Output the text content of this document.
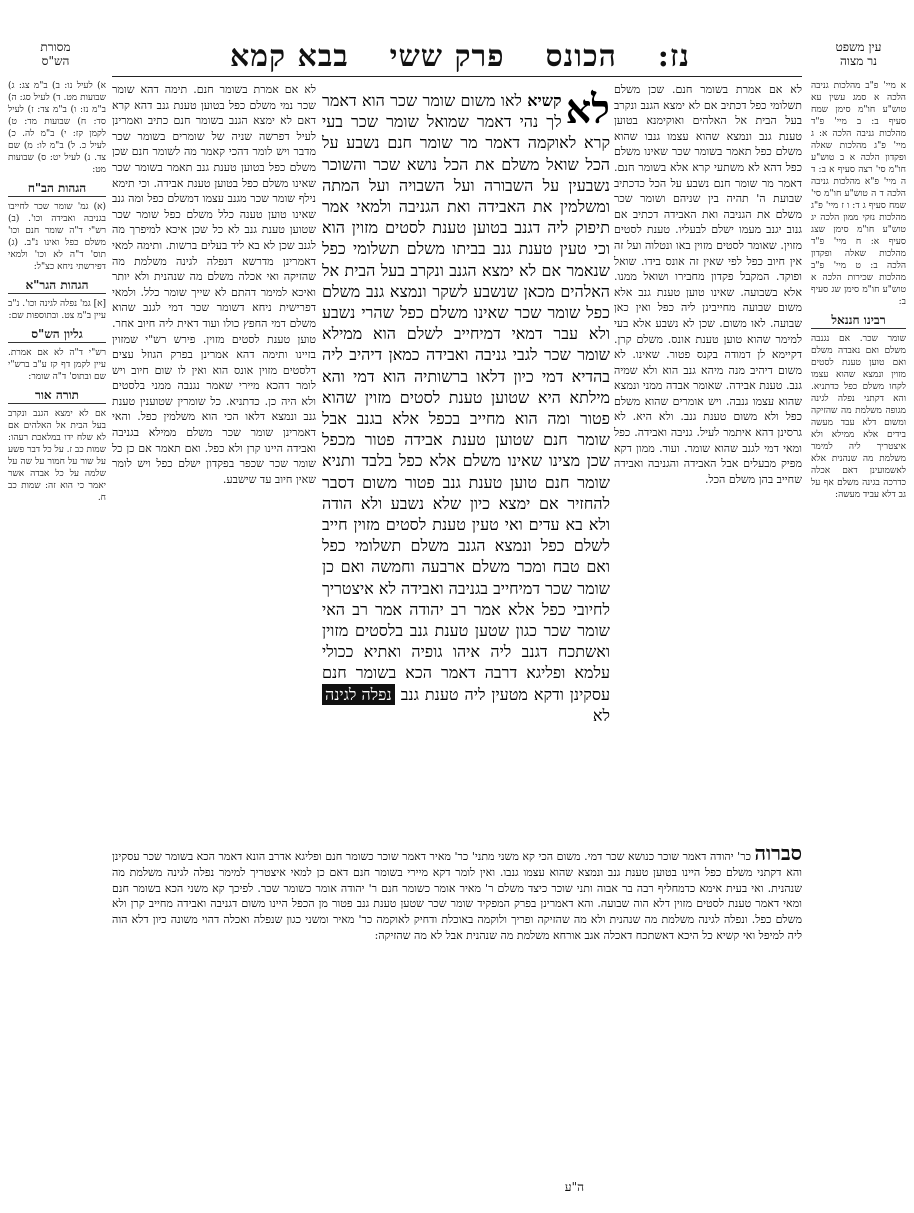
עין משפט
נר מצוה
מסורת
הש"ס	נז:
הכונס
פרק ששי
בבא קמא

א מיי' פ"ב מהלכות גניבה הלכה א סמג עשין עא טוש"ע חו"מ סימן שמח סעיף ב: ב מיי' פ"ד מהלכות גניבה הלכה א: ג מיי' פ"ג מהלכות שאלה ופקדון הלכה א ב טוש"ע חו"מ סי' רצה סעיף א ב: ד ה מיי' פ"א מהלכות גניבה הלכה ד ה טוש"ע חו"מ סי' שמח סעיף ג ד: ו ז מיי' פ"ג מהלכות נזקי ממון הלכה יג טוש"ע חו"מ סימן שצג סעיף א: ח מיי' פ"ד מהלכות שאלה ופקדון הלכה ב: ט מיי' פ"ב מהלכות שכירות הלכה א טוש"ע חו"מ סימן שג סעיף ב:

רבינו חננאל

שומר שכר. אם נגנבה משלם ואם נאבדה משלם ואם טוען טענת לסטים מזוין ונמצא שהוא עצמו לקחו משלם כפל כדתניא. והא דקתני נפלה לגינה מגופה משלמת מה שהזיקה ומשום דלא עבד מעשה בידים אלא ממילא ולא איצטריך ליה למימר משלמת מה שנהנית אלא לאשמועינן דאם אכלה כדרכה בגינה משלם אף על גב דלא עביד מעשה:

א) לעיל נו: ב) ב"מ צג: ג) שבועות מט. ד) לעיל סג: ה) ב"מ נז: ו) ב"מ צד: ז) לעיל סד: ח) שבועות מד: ט) לקמן קז: י) ב"מ לה. כ) לעיל כ. ל) ב"מ לו: מ) שם צד. נ) לעיל יט: ס) שבועות מט:

הגהות הב"ח

(א) גמ' שומר שכר לחייבו בגניבה ואבידה וכו'. (ב) רש"י ד"ה שומר חנם וכו' משלם כפל ואינו נ"ב. (ג) תוס' ד"ה לא וכו' ולמאי דפירשתי ניחא כצ"ל:

הגהות הגר"א

[א] גמ' נפלה לגינה וכו'. נ"ב עיין ב"מ צט. ובתוספות שם:

גליון הש"ס

רש"י ד"ה לא אם אמרת. עיין לקמן דף קז ע"ב ברש"י שם ובתוס' ד"ה שומר:

תורה אור

אם לא ימצא הגנב ונקרב בעל הבית אל האלהים אם לא שלח ידו במלאכת רעהו: שמות כב ז. על כל דבר פשע על שור על חמור על שה על שלמה על כל אבדה אשר יאמר כי הוא זה: שמות כב ח.

לא אם אמרת בשומר חנם. שכן משלם תשלומי כפל דכתיב אם לא ימצא הגנב ונקרב בעל הבית אל האלהים ואוקימנא בטוען טענת גנב ונמצא שהוא עצמו גנבו שהוא משלם כפל תאמר בשומר שכר שאינו משלם כפל דהא לא משתעי קרא אלא בשומר חנם. דאמר מר שומר חנם נשבע על הכל כדכתיב שבועת ה' תהיה בין שניהם ושומר שכר משלם את הגניבה ואת האבידה דכתיב אם גנוב יגנב מעמו ישלם לבעליו. טענת לסטים מזוין. שאומר לסטים מזוין באו ונטלוה ועל זה אין חיוב כפל לפי שאין זה אונס בידו. שואל ופוקד. המקבל פקדון מחבירו ושואל ממנו. אלא בשבועה. שאינו טוען טענת גנב אלא משום שבועה מחייבינן ליה כפל ואין כאן שבועה. לאו משום. שכן לא נשבע אלא בעי למימר שהוא טוען טענת אונס. משלם קרן. דקיימא לן דמודה בקנס פטור. שאינו. לא משום דיהיב מנה מיהא גנב הוא ולא שמיה גנב. טענת אבידה. שאומר אבדה ממני ונמצא שהוא עצמו גנבה. ויש אומרים שהוא משלם כפל ולא משום טענת גנב. ולא היא. לא גרסינן דהא איתמר לעיל. גניבה ואבידה. כפל ומאי דמי לגנב שהוא שומר. ועוד. ממון דקא מפיק מבעלים אבל האבידה והגניבה ואבידה שחייב בהן משלם הכל.

לא אם אמרת בשומר חנם. תימה דהא שומר שכר נמי משלם כפל בטוען טענת גנב דהא קרא דאם לא ימצא הגנב בשומר חנם כתיב ואמרינן לעיל דפרשה שניה של שומרים בשומר שכר מדבר ויש לומר דהכי קאמר מה לשומר חנם שכן משלם כפל בטוען טענת גנב תאמר בשומר שכר שאינו משלם כפל בטוען טענת אבידה. וכי תימא נילף שומר שכר מגנב עצמו דמשלם כפל ומה גנב שאינו טוען טענה כלל משלם כפל שומר שכר שטוען טענת גנב לא כל שכן איכא למיפרך מה לגנב שכן לא בא ליד בעלים ברשות. ותימה למאי דאמרינן מדרשא דנפלה לגינה משלמת מה שהזיקה ואי אכלה משלם מה שנהנית ולא יותר ואיכא למימר דהתם לא שייך שומר כלל. ולמאי דפרישית ניחא דשומר שכר דמי לגנב שהוא משלם דמי החפץ כולו ועוד דאית ליה חיוב אחר. טוען טענת לסטים מזוין. פירש רש"י שמזוין בזיינו ותימה דהא אמרינן בפרק הגוזל עצים דלסטים מזוין אונס הוא ואין לו שום חיוב ויש לומר דהכא מיירי שאמר נגנבה ממני בלסטים ולא היה כן. כדתניא. כל שומרין שטוענין טענת גנב ונמצא דלאו הכי הוא משלמין כפל. והאי דאמרינן שומר שכר משלם ממילא בגניבה ואבידה היינו קרן ולא כפל. ואם תאמר אם כן כל שומר שכר שכפר בפקדון ישלם כפל ויש לומר שאין חיוב עד שישבע.

לא
קשיא לאו משום שומר שכר הוא דאמר לך נהי דאמר שמואל שומר שכר בעי קרא לאוקמה דאמר מר שומר חנם נשבע על הכל שואל משלם את הכל נושא שכר והשוכר נשבעין על השבורה ועל השבויה ועל המתה ומשלמין את האבידה ואת הגניבה ולמאי אמר תיפוק ליה דגנב בטוען טענת לסטים מזוין הוא וכי טעין טענת גנב בביתו משלם תשלומי כפל שנאמר אם לא ימצא הגנב ונקרב בעל הבית אל האלהים מכאן שנשבע לשקר ונמצא גנב משלם כפל שומר שכר שאינו משלם כפל שהרי נשבע ולא עבר דמאי דמיחייב לשלם הוא ממילא שומר שכר לגבי גניבה ואבידה כמאן דיהיב ליה בהדיא דמי כיון דלאו ברשותיה הוא דמי והא מילתא היא שטוען טענת לסטים מזוין שהוא פטור ומה הוא מחייב בכפל אלא בגנב אבל שומר חנם שטוען טענת אבידה פטור מכפל שכן מצינו שאינו משלם אלא כפל בלבד ותניא שומר חנם טוען טענת גנב פטור משום דסבר להחזיר אם ימצא כיון שלא נשבע ולא הודה ולא בא עדים ואי טעין טענת לסטים מזוין חייב לשלם כפל ונמצא הגנב משלם תשלומי כפל ואם טבח ומכר משלם ארבעה וחמשה ואם כן שומר שכר דמיחייב בגניבה ואבידה לא איצטריך לחיובי כפל אלא אמר רב יהודה אמר רב האי שומר שכר כגון שטען טענת גנב בלסטים מזוין ואשתכח דגנב ליה איהו גופיה ואתיא ככולי עלמא ופליגא דרבה דאמר הכא בשומר חנם עסקינן ודקא מטעין ליה טענת גנב נפלה לגינה לא

סברוה כר' יהודה דאמר שוכר כנושא שכר דמי. משום הכי קא משני מתני' כר' מאיר דאמר שוכר כשומר חנם ופליגא אדרב הונא דאמר הכא בשומר שכר עסקינן והא דקתני משלם כפל היינו בטוען טענת גנב ונמצא שהוא עצמו גנבו. ואין לומר דקא מיירי בשומר חנם דאם כן למאי איצטריך למימר נפלה לגינה משלמת מה שנהנית. ואי בעית אימא כדמחליף רבה בר אבוה ותני שוכר כיצד משלם ר' מאיר אומר כשומר חנם ר' יהודה אומר כשומר שכר. לפיכך קא משני הכא בשומר חנם ומאי דאמר טענת לסטים מזוין דלא הוה שבועה. והא דאמרינן בפרק המפקיד שומר שכר שטען טענת גנב פטור מן הכפל היינו משום דגניבה ואבידה מחייב קרן ולא משלם כפל. ונפלה לגינה משלמת מה שנהנית ולא מה שהזיקה ופריך ולוקמה באוכלת ודחיק לאוקמה כר' מאיר ומשני כגון שנפלה ואכלה דהוי משונה כיון דלא הוה ליה למיפל ואי קשיא כל היכא דאשתכח דאכלה אגב אורחא משלמת מה שנהנית אבל לא מה שהזיקה:
ה"ע
